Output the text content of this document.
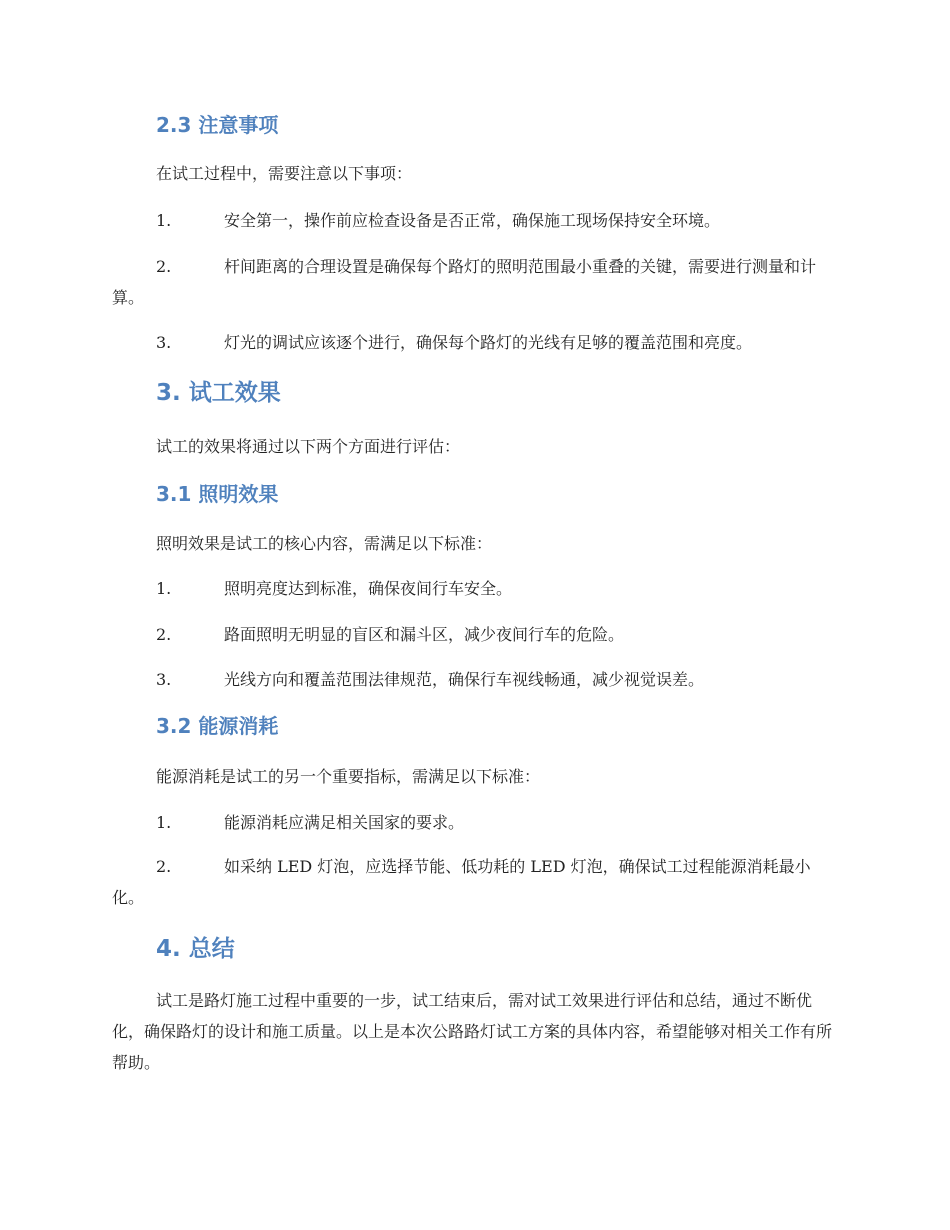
2.3 注意事项

在试工过程中，需要注意以下事项：

1.	安全第一，操作前应检查设备是否正常，确保施工现场保持安全环境。

2.	杆间距离的合理设置是确保每个路灯的照明范围最小重叠的关键，需要进行测量和计算。

3.	灯光的调试应该逐个进行，确保每个路灯的光线有足够的覆盖范围和亮度。

3. 试工效果

试工的效果将通过以下两个方面进行评估：

3.1 照明效果

照明效果是试工的核心内容，需满足以下标准：

1.	照明亮度达到标准，确保夜间行车安全。

2.	路面照明无明显的盲区和漏斗区，减少夜间行车的危险。

3.	光线方向和覆盖范围法律规范，确保行车视线畅通，减少视觉误差。

3.2 能源消耗

能源消耗是试工的另一个重要指标，需满足以下标准：

1.	能源消耗应满足相关国家的要求。

2.	如采纳 LED 灯泡，应选择节能、低功耗的 LED 灯泡，确保试工过程能源消耗最小化。

4. 总结

试工是路灯施工过程中重要的一步，试工结束后，需对试工效果进行评估和总结，通过不断优化，确保路灯的设计和施工质量。以上是本次公路路灯试工方案的具体内容，希望能够对相关工作有所帮助。
